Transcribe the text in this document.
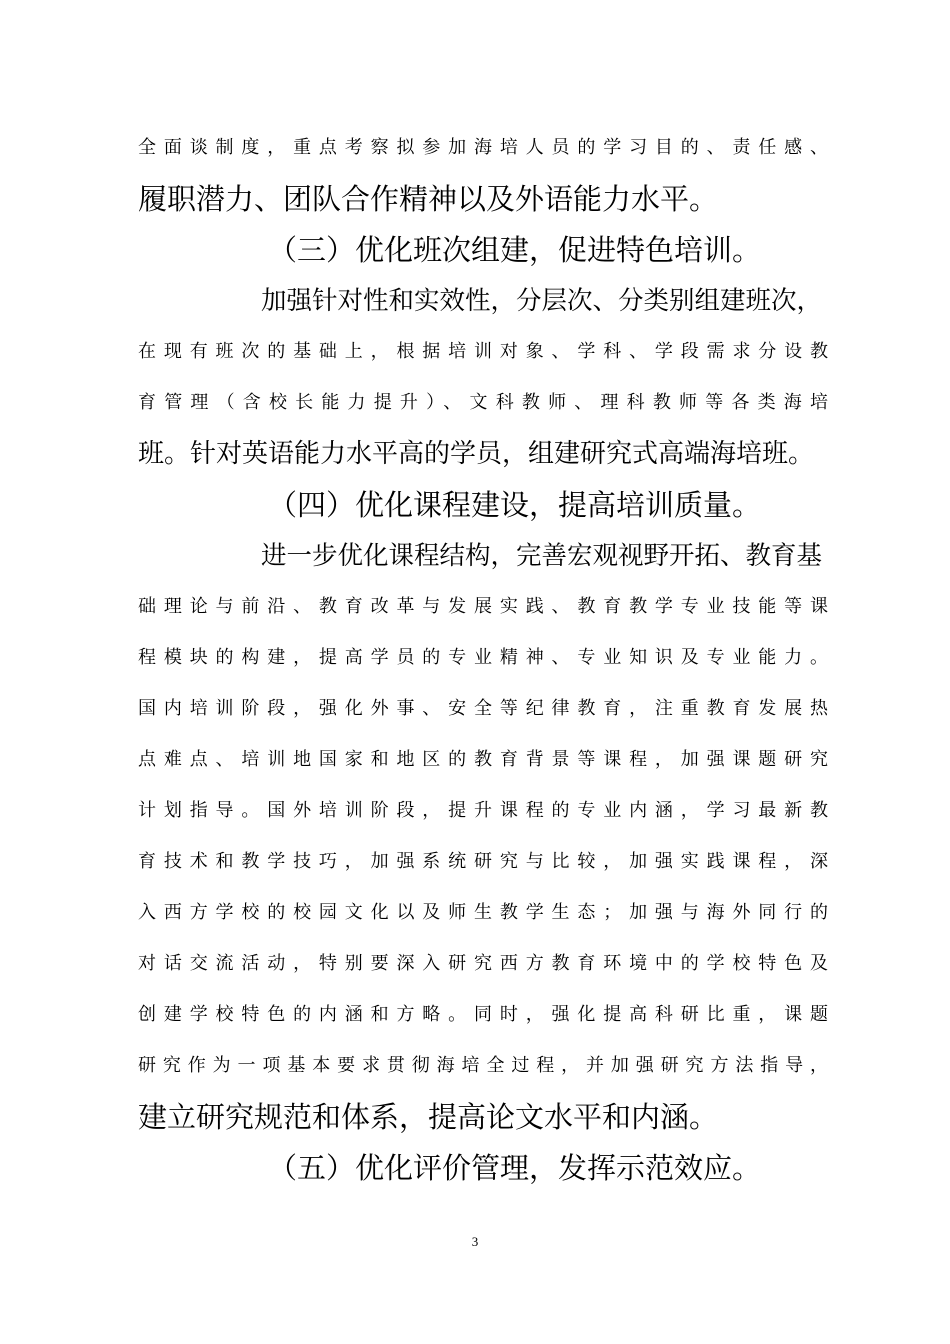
全面谈制度，重点考察拟参加海培人员的学习目的、责任感、
履职潜力、团队合作精神以及外语能力水平。
（三）优化班次组建，促进特色培训。
加强针对性和实效性，分层次、分类别组建班次，
在现有班次的基础上，根据培训对象、学科、学段需求分设教
育管理（含校长能力提升）、文科教师、理科教师等各类海培
班。针对英语能力水平高的学员，组建研究式高端海培班。
（四）优化课程建设，提高培训质量。
进一步优化课程结构，完善宏观视野开拓、教育基
础理论与前沿、教育改革与发展实践、教育教学专业技能等课
程模块的构建，提高学员的专业精神、专业知识及专业能力。
国内培训阶段，强化外事、安全等纪律教育，注重教育发展热
点难点、培训地国家和地区的教育背景等课程，加强课题研究
计划指导。国外培训阶段，提升课程的专业内涵，学习最新教
育技术和教学技巧，加强系统研究与比较，加强实践课程，深
入西方学校的校园文化以及师生教学生态；加强与海外同行的
对话交流活动，特别要深入研究西方教育环境中的学校特色及
创建学校特色的内涵和方略。同时，强化提高科研比重，课题
研究作为一项基本要求贯彻海培全过程，并加强研究方法指导，
建立研究规范和体系，提高论文水平和内涵。
（五）优化评价管理，发挥示范效应。
3
